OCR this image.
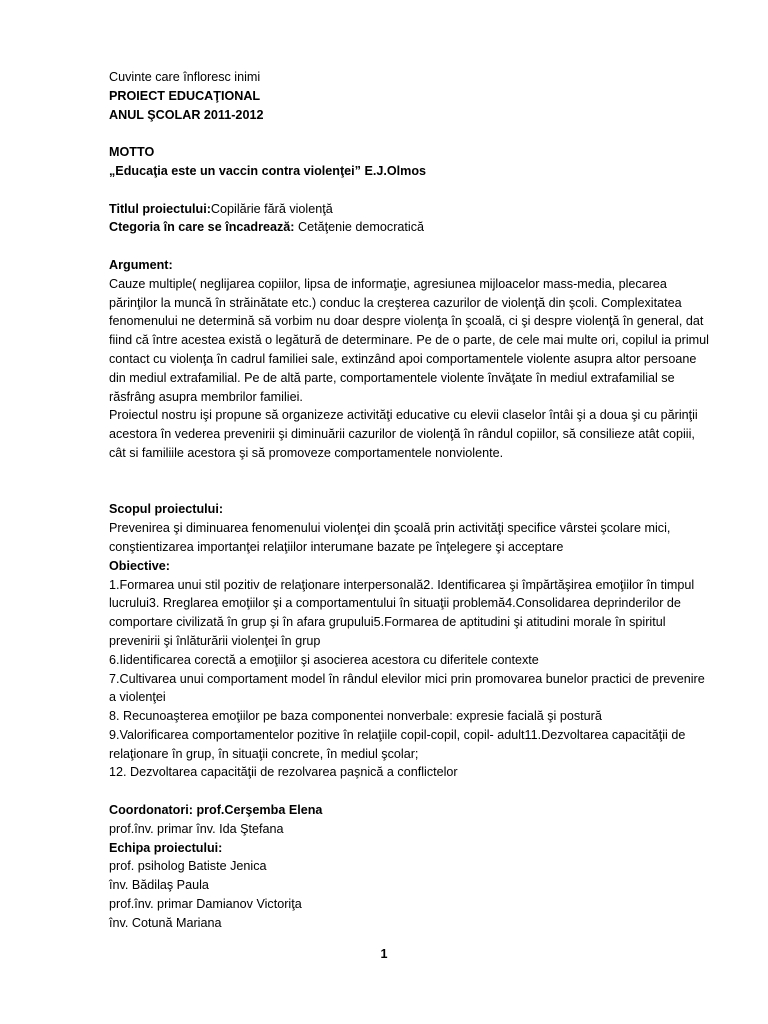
Cuvinte care înfloresc inimi

PROIECT EDUCAŢIONAL

ANUL ŞCOLAR 2011-2012

MOTTO

„Educaţia este un vaccin contra violenţei” E.J.Olmos

Titlul proiectului:Copilărie fără violenţă

Ctegoria în care se încadrează: Cetăţenie democratică

Argument:

Cauze multiple( neglijarea copiilor, lipsa de informaţie, agresiunea mijloacelor mass-media, plecarea părinţilor la muncă în străinătate etc.) conduc la creşterea cazurilor de violenţă din şcoli. Complexitatea fenomenului ne determină să vorbim nu doar despre violenţa în şcoală, ci şi despre violenţă în general, dat fiind că între acestea există o legătură de determinare. Pe de o parte, de cele mai multe ori, copilul ia primul contact cu violenţa în cadrul familiei sale, extinzând apoi comportamentele violente asupra altor persoane din mediul extrafamilial. Pe de altă parte, comportamentele violente învăţate în mediul extrafamilial se răsfrâng asupra membrilor familiei.

Proiectul nostru işi propune să organizeze activităţi educative cu elevii claselor întâi şi a doua şi cu părinţii acestora în vederea prevenirii şi diminuării cazurilor de violenţă în rândul copiilor, să consilieze atât copiii, cât si familiile acestora şi să promoveze comportamentele nonviolente.

Scopul proiectului:

Prevenirea şi diminuarea fenomenului violenţei din şcoală prin activităţi specifice vârstei şcolare mici, conştientizarea importanţei relaţiilor interumane bazate pe înţelegere şi acceptare

Obiective:

1.Formarea unui stil pozitiv de relaţionare interpersonală2. Identificarea şi împărtăşirea emoţiilor în timpul lucrului3. Rreglarea emoţiilor şi a comportamentului în situaţii problemă4.Consolidarea deprinderilor de comportare civilizată în grup şi în afara grupului5.Formarea de aptitudini şi atitudini morale în spiritul prevenirii şi înlăturării violenţei în grup

6.Iidentificarea corectă a emoţiilor şi asocierea acestora cu diferitele contexte

7.Cultivarea unui comportament model în rândul elevilor mici prin promovarea bunelor practici de prevenire a violenţei

8. Recunoaşterea emoţiilor pe baza componentei nonverbale: expresie facială şi postură

9.Valorificarea comportamentelor pozitive în relaţiile copil-copil, copil- adult11.Dezvoltarea capacităţii de relaţionare în grup, în situaţii concrete, în mediul şcolar;

12. Dezvoltarea capacităţii de rezolvarea paşnică a conflictelor

Coordonatori: prof.Cerşemba Elena

prof.înv. primar înv. Ida Ştefana

Echipa proiectului:

prof. psiholog Batiste Jenica

înv. Bădilaş Paula

prof.înv. primar Damianov Victoriţa

înv. Cotună Mariana

1
